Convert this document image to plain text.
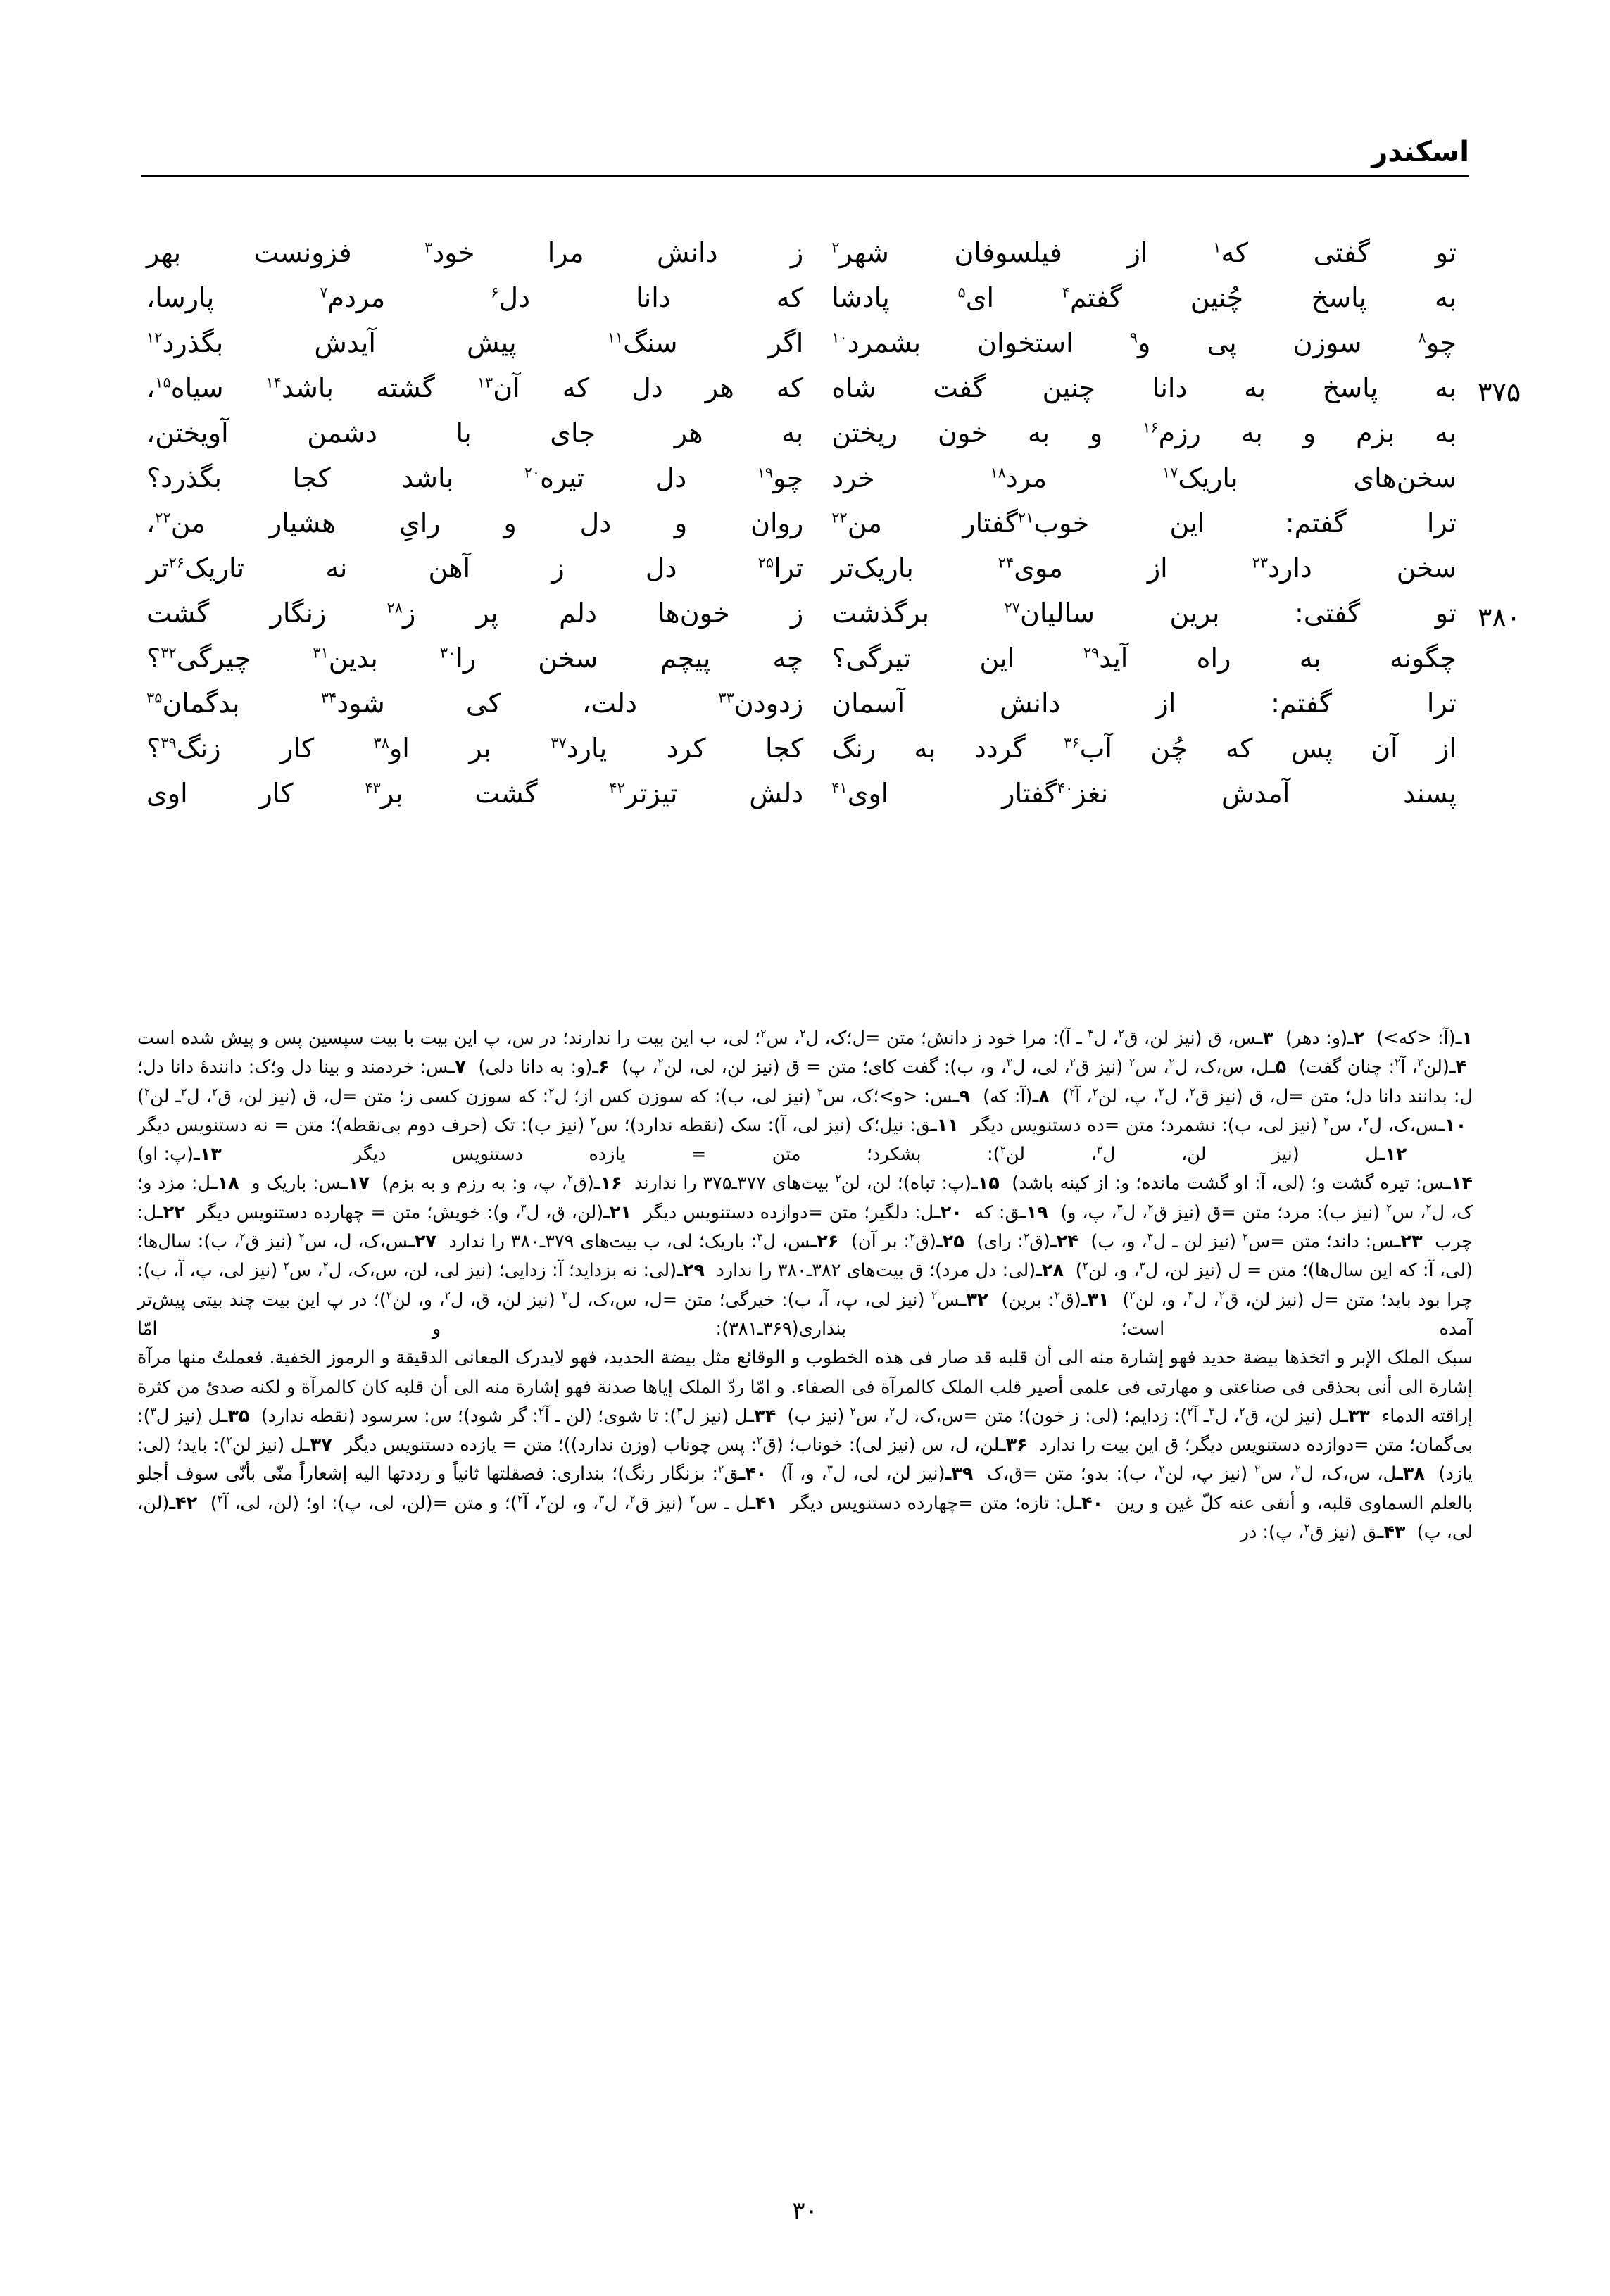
اسکندر
تو گفتی که$^۱$ از فیلسوفان شهر$^۲$
ز دانش مرا خود$^۳$ فزونست بهر
به پاسخ چُنین گفتم$^۴$ ای$^۵$ پادشا
که دانا دل$^۶$ مردم$^۷$ پارسا،
چو$^۸$ سوزن پی و$^۹$ استخوان بشمرد$^{۱۰}$
اگر سنگ$^{۱۱}$ پیش آیدش بگذرد$^{۱۲}$
۳۷۵
به پاسخ به دانا چنین گفت شاه
که هر دل که آن$^{۱۳}$ گشته باشد$^{۱۴}$ سیاه$^{۱۵}$،
به بزم و به رزم$^{۱۶}$ و به خون ریختن
به هر جای با دشمن آویختن،
سخن‌های باریک$^{۱۷}$ مرد$^{۱۸}$ خرد
چو$^{۱۹}$ دل تیره$^{۲۰}$ باشد کجا بگذرد؟
ترا گفتم: این خوب$^{۲۱}$گفتار من$^{۲۲}$
روان و دل و رایِ هشیار من$^{۲۲}$،
سخن دارد$^{۲۳}$ از موی$^{۲۴}$ باریک‌تر
ترا$^{۲۵}$ دل ز آهن نه تاریک$^{۲۶}$تر
۳۸۰
تو گفتی: برین سالیان$^{۲۷}$ برگذشت
ز خون‌ها دلم پر ز$^{۲۸}$ زنگار گشت
چگونه به راه آید$^{۲۹}$ این تیرگی؟
چه پیچم سخن را$^{۳۰}$ بدین$^{۳۱}$ چیرگی$^{۳۲}$؟
ترا گفتم: از دانش آسمان
زدودن$^{۳۳}$ دلت، کی شود$^{۳۴}$ بدگمان$^{۳۵}$
از آن پس که چُن آب$^{۳۶}$ گردد به رنگ
کجا کرد یارد$^{۳۷}$ بر او$^{۳۸}$ کار زنگ$^{۳۹}$؟
پسند آمدش نغز$^{۴۰}$گفتار اوی$^{۴۱}$
دلش تیزتر$^{۴۲}$ گشت بر$^{۴۳}$ کار اوی

۱ـ(آ: <که>)  ۲ـ(و: دهر)  ۳ـس، ق (نیز لن، ق$^۲$، ل$^۳$ ـ آ): مرا خود ز دانش؛ متن =ل؛ک، ل$^۲$، س$^۲$؛ لی، ب این بیت را ندارند؛ در س، پ این بیت با بیت سپسین پس و پیش شده است  ۴ـ(لن$^۲$، آ$^۲$: چنان گفت)  ۵ـل، س،ک، ل$^۲$، س$^۲$ (نیز ق$^۲$، لی، ل$^۳$، و، ب): گفت کای؛ متن = ق (نیز لن، لی، لن$^۲$، پ)  ۶ـ(و: به دانا دلی)  ۷ـس: خردمند و بینا دل و؛ک: دانندهٔ دانا دل؛ ل: بدانند دانا دل؛ متن =ل، ق (نیز ق$^۲$، ل$^۲$، پ، لن$^۲$، آ$^۲$)  ۸ـ(آ: که)  ۹ـس: <و>؛ک، س$^۲$ (نیز لی، ب): که سوزن کس از؛ ل$^۲$: که سوزن کسی ز؛ متن =ل، ق (نیز لن، ق$^۲$، ل$^۳$ـ لن$^۲$)  ۱۰ـس،ک، ل$^۲$، س$^۲$ (نیز لی، ب): نشمرد؛ متن =ده دستنویس دیگر  ۱۱ـق: نیل؛ک (نیز لی، آ): سک (نقطه ندارد)؛ س$^۲$ (نیز ب): تک (حرف دوم بی‌نقطه)؛ متن = نه دستنویس دیگر  ۱۲ـل (نیز لن، ل$^۳$، لن$^۲$): بشکرد؛ متن = یازده دستنویس دیگر  ۱۳ـ(پ: او)

۱۴ـس: تیره گشت و؛ (لی، آ: او گشت مانده؛ و: از کینه باشد)  ۱۵ـ(پ: تباه)؛ لن، لن$^۲$ بیت‌های ۳۷۷ـ۳۷۵ را ندارند  ۱۶ـ(ق$^۲$، پ، و: به رزم و به بزم)  ۱۷ـس: باریک و  ۱۸ـل: مزد و؛ک، ل$^۲$، س$^۲$ (نیز ب): مرد؛ متن =ق (نیز ق$^۲$، ل$^۳$، پ، و)  ۱۹ـق: که  ۲۰ـل: دلگیر؛ متن =دوازده دستنویس دیگر  ۲۱ـ(لن، ق، ل$^۳$، و): خویش؛ متن = چهارده دستنویس دیگر  ۲۲ـل: چرب  ۲۳ـس: داند؛ متن =س$^۲$ (نیز لن ـ ل$^۳$، و، ب)  ۲۴ـ(ق$^۲$: رای)  ۲۵ـ(ق$^۲$: بر آن)  ۲۶ـس، ل$^۳$: باریک؛ لی، ب بیت‌های ۳۷۹ـ۳۸۰ را ندارد  ۲۷ـس،ک، ل، س$^۲$ (نیز ق$^۲$، ب): سال‌ها؛ (لی، آ: که این سال‌ها)؛ متن = ل (نیز لن، ل$^۳$، و، لن$^۲$)  ۲۸ـ(لی: دل مرد)؛ ق بیت‌های ۳۸۲ـ۳۸۰ را ندارد  ۲۹ـ(لی: نه بزداید؛ آ: زدایی؛ (نیز لی، لن، س،ک، ل$^۲$، س$^۲$ (نیز لی، پ، آ، ب): چرا بود باید؛ متن =ل (نیز لن، ق$^۲$، ل$^۳$، و، لن$^۲$)  ۳۱ـ(ق$^۲$: برین)  ۳۲ـس$^۲$ (نیز لی، پ، آ، ب): خیرگی؛ متن =ل، س،ک، ل$^۳$ (نیز لن، ق، ل$^۲$، و، لن$^۲$)؛ در پ این بیت چند بیتی پیش‌تر آمده است؛ بنداری(۳۶۹ـ۳۸۱): و امّا

سبک الملک الإبر و اتخذها بیضة حدید فهو إشارة منه الی أن قلبه قد صار فی هذه الخطوب و الوقائع مثل بیضة الحدید، فهو لایدرک المعانی الدقیقة و الرموز الخفیة. فعملتُ منها مرآة إشارة الی أنی بحذقی فی صناعتی و مهارتی فی علمی أصیر قلب الملک کالمرآة فی الصفاء. و امّا ردّ الملک إیاها صدنة فهو إشارة منه الی أن قلبه کان کالمرآة و لکنه صدئ من کثرة إراقته الدماء  ۳۳ـل (نیز لن، ق$^۲$، ل$^۳$ـ آ$^۲$): زدایم؛ (لی: ز خون)؛ متن =س،ک، ل$^۲$، س$^۲$ (نیز ب)  ۳۴ـل (نیز ل$^۳$): تا شوی؛ (لن ـ آ$^۲$: گر شود)؛ س: سرسود (نقطه ندارد)  ۳۵ـل (نیز ل$^۳$): بی‌گمان؛ متن =دوازده دستنویس دیگر؛ ق این بیت را ندارد  ۳۶ـلن، ل، س (نیز لی): خوناب؛ (ق$^۲$: پس چوناب (وزن ندارد))؛ متن = یازده دستنویس دیگر  ۳۷ـل (نیز لن$^۲$): باید؛ (لی: یازد)  ۳۸ـل، س،ک، ل$^۲$، س$^۲$ (نیز پ، لن$^۲$، ب): بدو؛ متن =ق،ک  ۳۹ـ(نیز لن، لی، ل$^۳$، و، آ)  ۴۰ـق$^۲$: بزنگار رنگ)؛ بنداری: فصقلتها ثانیاً و رددتها الیه إشعاراً منّی بأنّی سوف أجلو بالعلم السماوی قلبه، و أنفی عنه کلّ غین و رین  ۴۰ـل: تازه؛ متن =چهارده دستنویس دیگر  ۴۱ـل ـ س$^۲$ (نیز ق$^۲$، ل$^۳$، و، لن$^۲$، آ$^۲$)؛ و متن =(لن، لی، پ): او؛ (لن، لی، آ$^۲$)  ۴۲ـ(لن، لی، پ)  ۴۳ـق (نیز ق$^۲$، پ): در

۳۰
